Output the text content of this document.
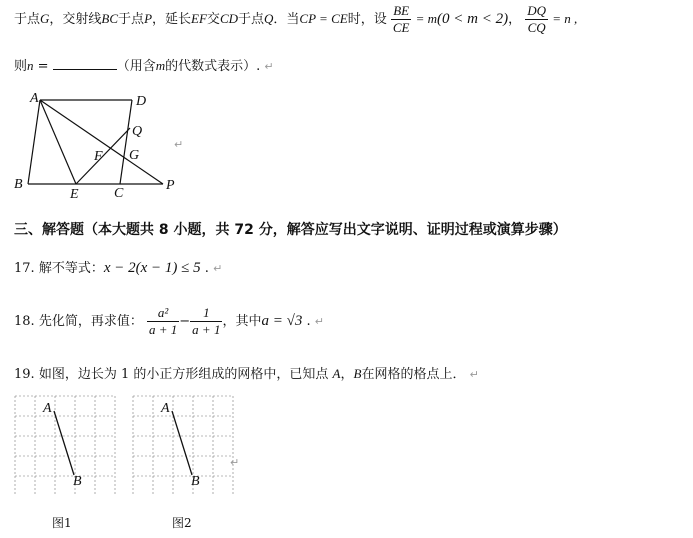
于点G，交射线BC于点P，延长EF交CD于点Q．当CP = CE时，设 $\frac{BE}{CE} = m(0 < m < 2)$， $\frac{DQ}{CQ} = n$ ,
则n =	（用含m的代数式表示）. ↵
A	D
Q
F G
B
E	C
P
↵
三、解答题（本大题共 8 小题，共 72 分，解答应写出文字说明、证明过程或演算步骤）
17. 解不等式：x − 2(x − 1) ≤ 5 . ↵
18. 先化简，再求值： $\frac{\text{a²}}{a + 1} - \frac{1}{a + 1}$ ，其中a = √3 . ↵
19. 如图，边长为 1 的小正方形组成的网格中，已知点 A，B在网格的格点上． ↵
A
B
图1
A
B
图2
↵
